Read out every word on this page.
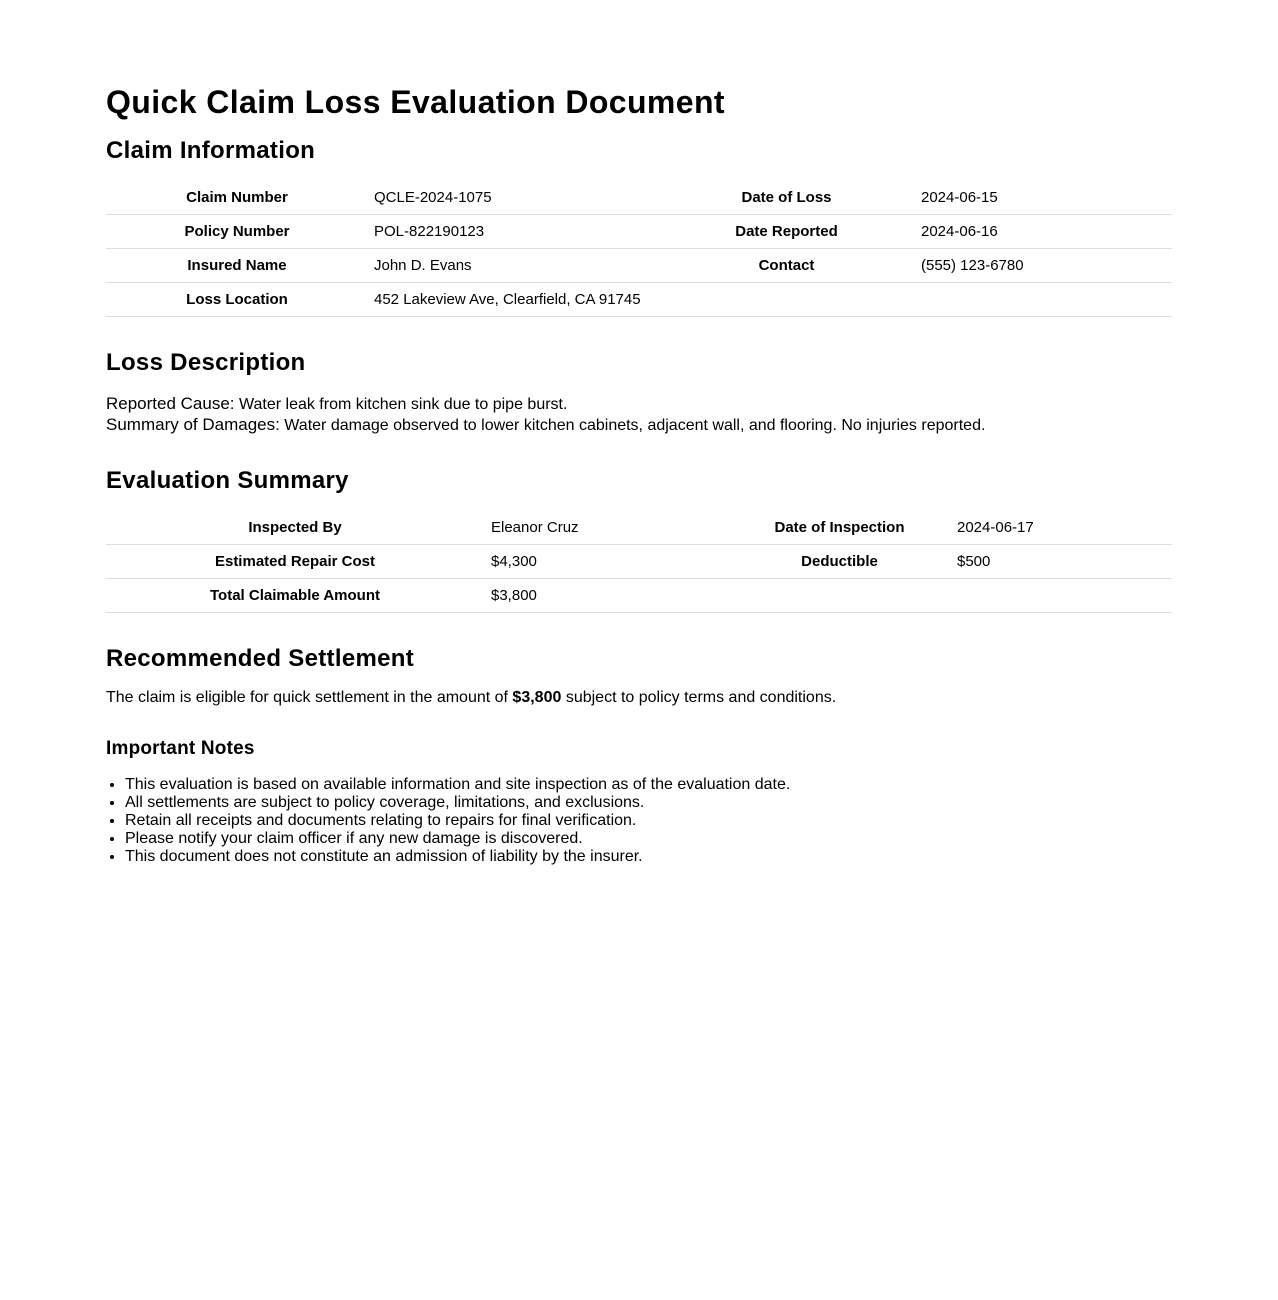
Quick Claim Loss Evaluation Document
Claim Information
Claim Number	QCLE-2024-1075	Date of Loss	2024-06-15
Policy Number	POL-822190123	Date Reported	2024-06-16
Insured Name	John D. Evans	Contact	(555) 123-6780
Loss Location	452 Lakeview Ave, Clearfield, CA 91745		
Loss Description
Reported Cause: Water leak from kitchen sink due to pipe burst.
Summary of Damages: Water damage observed to lower kitchen cabinets, adjacent wall, and flooring. No injuries reported.
Evaluation Summary
Inspected By	Eleanor Cruz	Date of Inspection	2024-06-17
Estimated Repair Cost	$4,300	Deductible	$500
Total Claimable Amount	$3,800		
Recommended Settlement
The claim is eligible for quick settlement in the amount of $3,800 subject to policy terms and conditions.
Important Notes
• This evaluation is based on available information and site inspection as of the evaluation date.
• All settlements are subject to policy coverage, limitations, and exclusions.
• Retain all receipts and documents relating to repairs for final verification.
• Please notify your claim officer if any new damage is discovered.
• This document does not constitute an admission of liability by the insurer.
